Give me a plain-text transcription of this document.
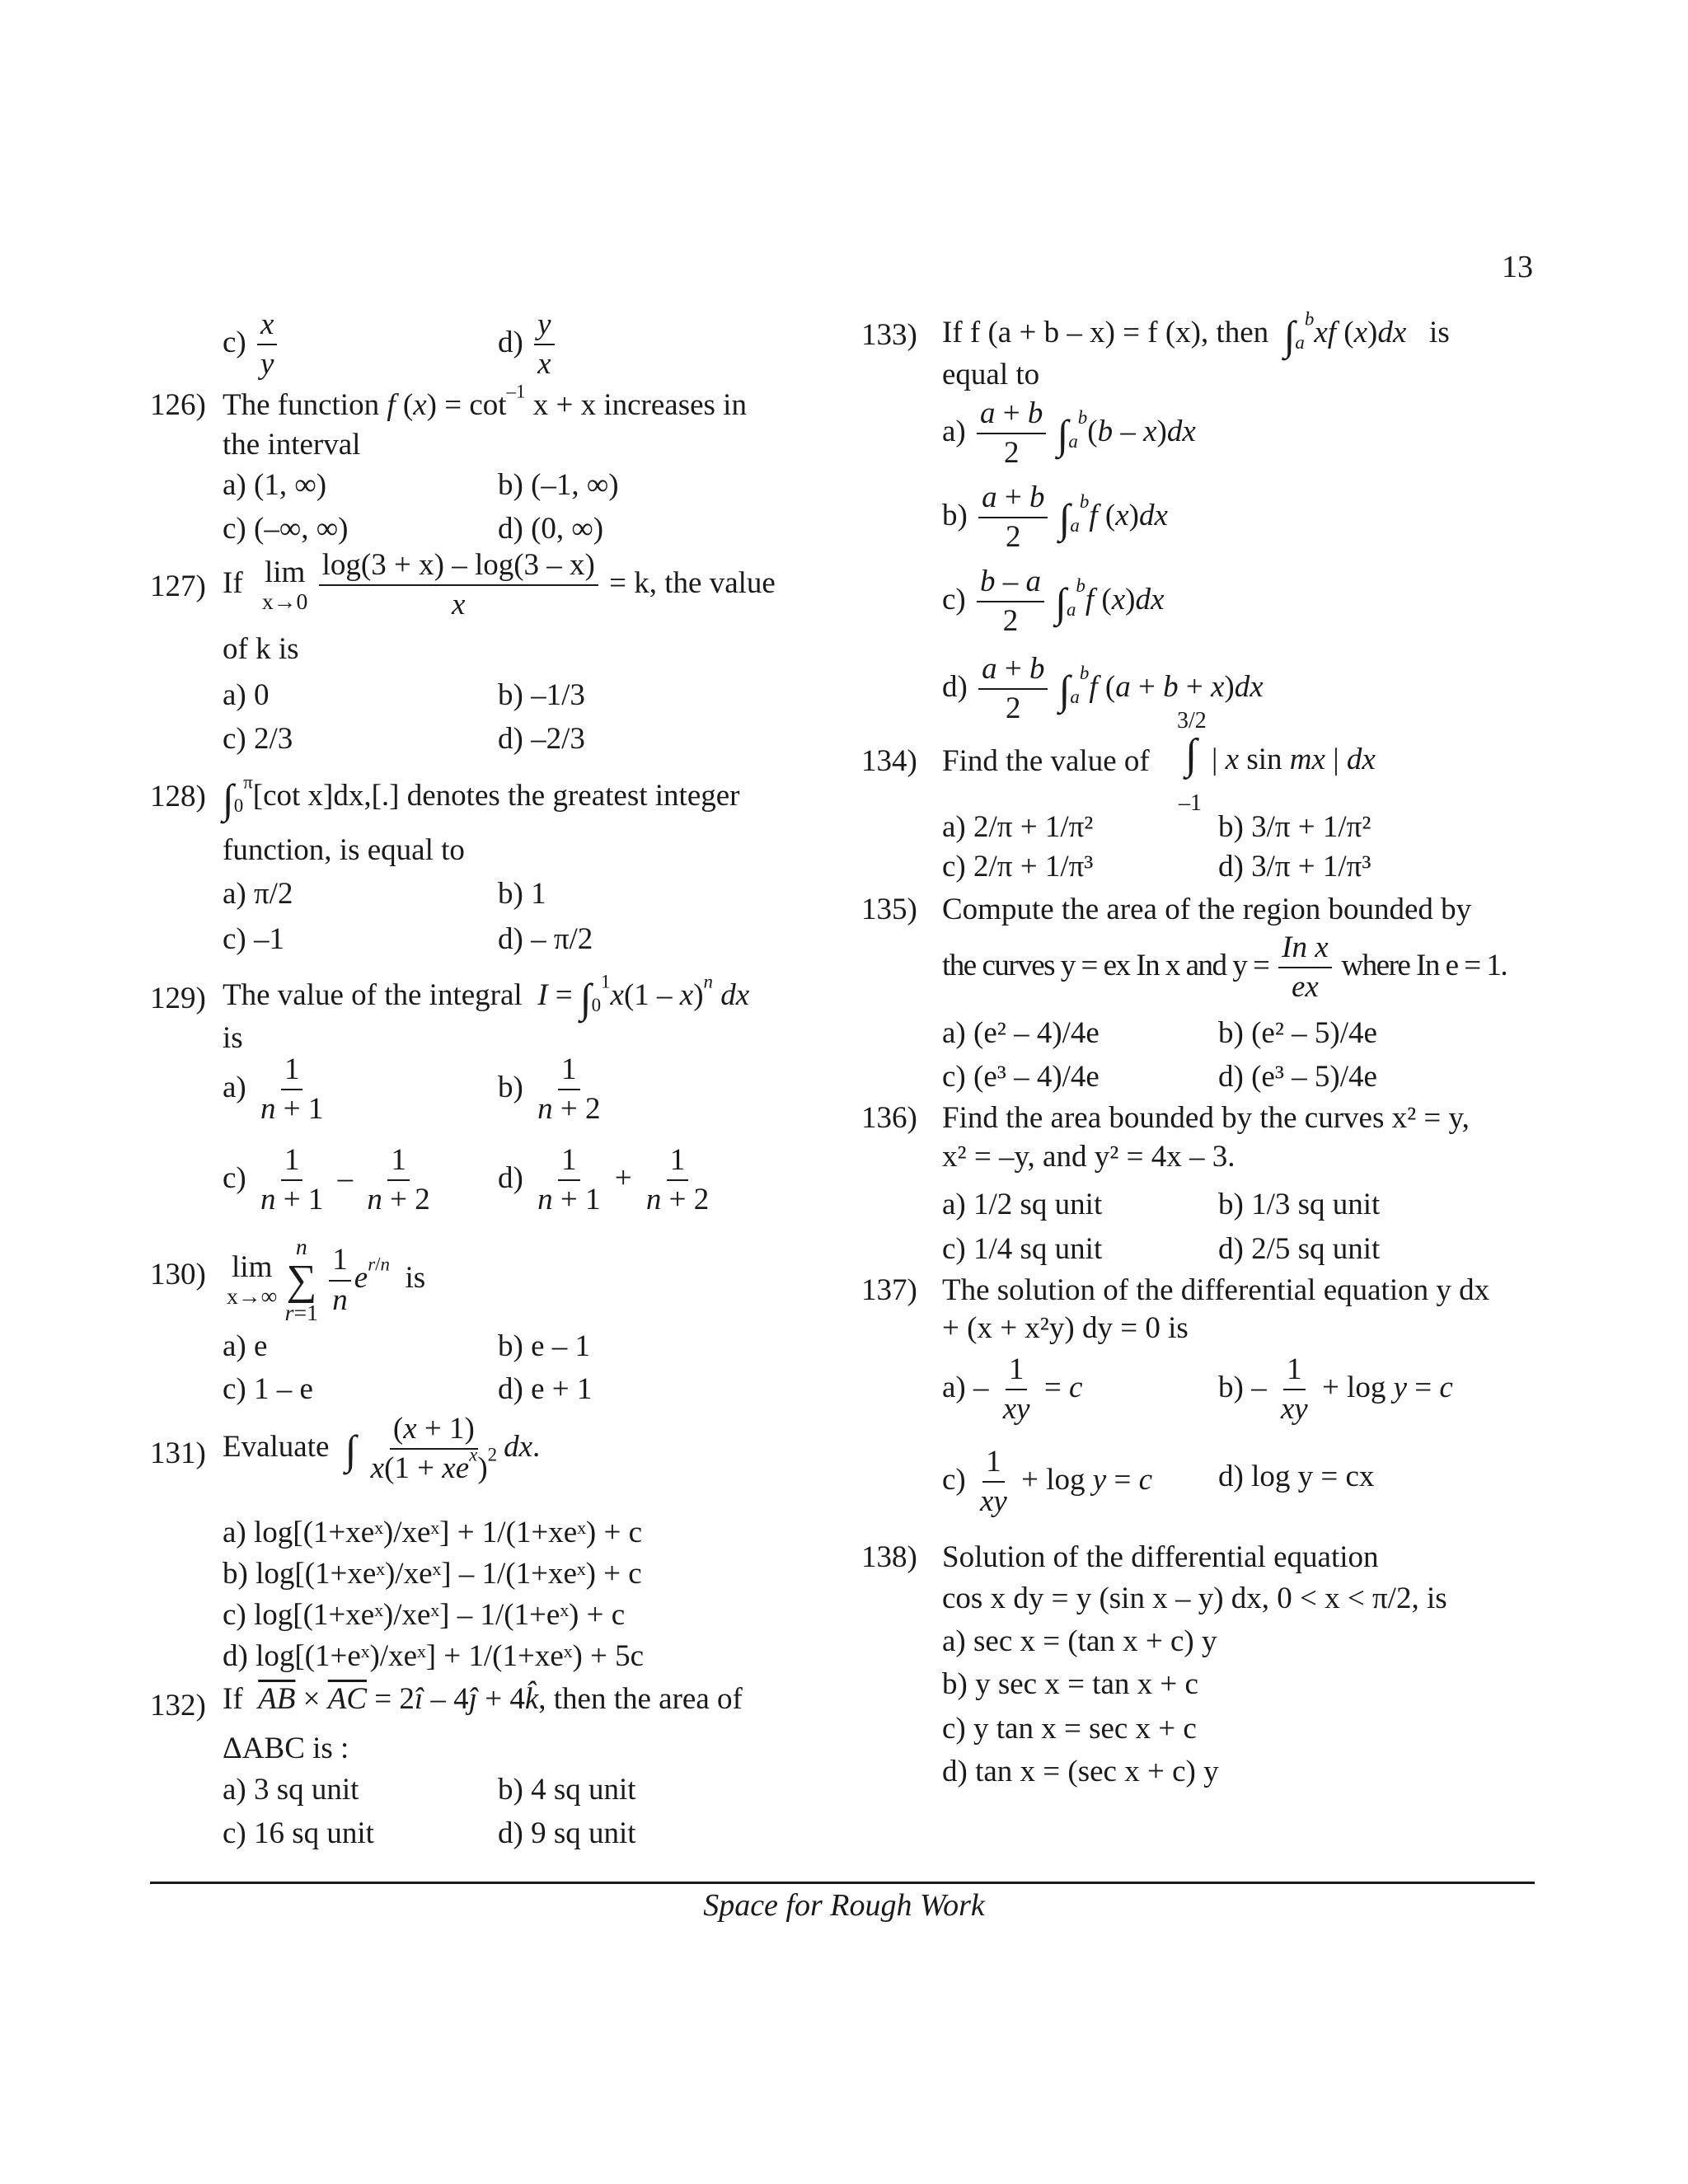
13
$c) \frac{x}{y}$	$d) \frac{y}{x}$
126) The function f $(x) = \cot^{-1} x + x$ increases in
the interval
a) (1, ∞)	b) (–1, ∞)
c) (–∞, ∞)	d) (0, ∞)
127) If lim
x→0
$\frac{\log(3 + x) - \log(3 - x)}{x} = k$, the value
of k is
a) 0	b) –1/3
c) 2/3	d) –2/3
128) $\int_0^\pi[\cot$ x]dx,[.] denotes the greatest integer
function, is equal to
a) π/2	b) 1
c) –1	d) – π/2
129) The value of the integral $I = \int_0^1x(1 - x)^n$ dx
is
$a) \frac{1}{n + 1}$	$b) \frac{1}{n + 2}$
$c) \frac{1}{n + 1} - \frac{1}{n + 2} d) \frac{1}{n + 1} + \frac{1}{n + 2}$
130) lim
x→∞

n
∑
r=1
$\frac{1}{n} e^{r/n}$ is
a) e	b) e – 1
c) 1 – e	d) e + 1
131) Evaluate ∫ $\frac{(x + 1)}{x(1 + xe^x)^2}$ dx.
a) log[(1+xeˣ)/xeˣ] + 1/(1+xeˣ) + c
b) log[(1+xeˣ)/xeˣ] – 1/(1+xeˣ) + c
c) log[(1+xeˣ)/xeˣ] – 1/(1+eˣ) + c
d) log[(1+eˣ)/xeˣ] + 1/(1+xeˣ) + 5c
132) If $\overline{AB} \times \overline{AC}$ = 2î – 4ĵ + 4k̂, then the area of
ΔABC is :
a) 3 sq unit	b) 4 sq unit
c) 16 sq unit	d) 9 sq unit
133) If f (a + b – x) = f (x), then $\int_a^bxf$ (x)dx is
equal to
$a) \frac{a + b}{2} \int_a^b(b - x)dx$
$b) \frac{a + b}{2} \int_a^bf$ (x)dx
$c) \frac{b - a}{2} \int_a^bf$ (x)dx
$d) \frac{a + b}{2} \int_a^bf$ (a + b + x)dx
134) Find the value of
3/2
∫
–1
| x sin mx | dx
a) 2/π + 1/π²	b) 3/π + 1/π²
c) 2/π + 1/π³	d) 3/π + 1/π³
135) Compute the area of the region bounded by
the curves y = ex In x and $y = \frac{\text{In x}}{ex}$ where In e = 1.
a) (e² – 4)/4e	b) (e² – 5)/4e
c) (e³ – 4)/4e	d) (e³ – 5)/4e
136) Find the area bounded by the curves x² = y,
x² = –y, and y² = 4x – 3.
a) 1/2 sq unit	b) 1/3 sq unit
c) 1/4 sq unit	d) 2/5 sq unit
137) The solution of the differential equation y dx
+ (x + x²y) dy = 0 is
$a) - \frac{1}{xy} = c$	$b) - \frac{1}{xy} + \log y = c$
$c) \frac{1}{xy} + \log y = c$ d) log y = cx
138) Solution of the differential equation
cos x dy = y (sin x – y) dx, 0 < x < π/2, is
a) sec x = (tan x + c) y
b) y sec x = tan x + c
c) y tan x = sec x + c
d) tan x = (sec x + c) y
Space for Rough Work
